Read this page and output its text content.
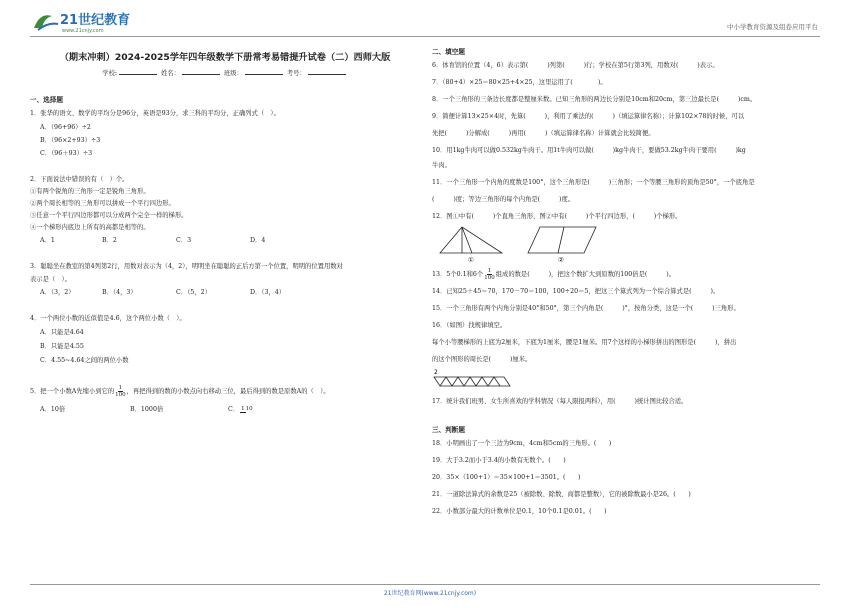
21世纪教育
www.21cnjy.com	中小学教育资源及组卷应用平台
（期末冲刺）2024-2025学年四年级数学下册常考易错提升试卷（二）西师大版
学校:	姓名：	班级：	考号：
一、选择题
1．张华的语文、数学的平均分是96分，英语是93分，求三科的平均分，正确列式（　）。
A．（96+96）÷2
B．（96×2+93）÷3
C．（96＋93）÷3
2．下面说法中错误的有（　）个。
①有两个锐角的三角形一定是锐角三角形。
②两个周长相等的三角形可以拼成一个平行四边形。
③任意一个平行四边形都可以分成两个完全一样的梯形。
④一个梯形内底边上所有的高都是相等的。
A．1	B．2	C．3	D．4
3．聪聪坐在教室的第4列第2行，用数对表示为（4，2），明明坐在聪聪的正后方第一个位置，明明的位置用数对
表示是（　）。
A．（3，2）	B．（4，3）	C．（5，2）	D．（3，4）
4．一个两位小数的近似值是4.6，这个两位小数（　）。
A．只能是4.64
B．只能是4.55
C．4.55~4.64之间的两位小数
5．把一个小数A先缩小到它的 $\frac{1}{100}$ ，再把得到的数的小数点向右移动三位，最后得到的数是原数A的（　）。
A．10倍	B．1000倍	C． 110
二、填空题
6．体育馆的位置（4，6）表示第(　　　)列第(　　　)行；学校在第5行第3列，用数对(　　　)表示。
7．（80+4）×25＝80×25+4×25，这里运用了(　　　　)。
8．一个三角形的三条边长度都是整厘米数。已知三角形的两边长分别是10cm和20cm，第三边最长是(　　　)cm。
9．简便计算13×25×4时，先算(　　　)，利用了乘法的(　　　)（填运算律名称）；计算102×78的时候，可以
先把(　　　)分解成(　　　)再用(　　　)（填运算律名称）计算就会比较简便。
10．用1kg牛肉可以做0.532kg牛肉干。用1t牛肉可以做(　　　)kg牛肉干，要做53.2kg牛肉干要用(　　　)kg
牛肉。
11．一个三角形一个内角的度数是100°，这个三角形是(　　　)三角形；一个等腰三角形的顶角是50°，一个底角是
(　　　)度；等边三角形的每个内角是(　　　)度。
12．图①中有(　　　)个直角三角形，图②中有(　　　)个平行四边形，(　　　)个梯形。
①	②
13．5个0.1和6个 $\frac{1}{100}$ 组成的数是(　　　)，把这个数扩大到原数的100倍是(　　　)。
14．已知25＋45＝70，170－70＝100，100÷20＝5，把这三个算式列为一个综合算式是(　　　)。
15．一个三角形有两个内角分别是40°和50°，第三个内角是(　　　)°，按角分类，这是一个(　　　)三角形。
16．（如图）找规律填空。
每个小等腰梯形的上底为2厘米，下底为1厘米，腰是1厘米。用7个这样的小梯形拼出的图形是(　　　)，拼出
的这个图形的周长是(　　　)厘米。
2
17．统计我们班男、女生所喜欢的学科情况（每人限报两科），用(　　　)统计图比较合适。
三、判断题
18．小明画出了一个三边为9cm，4cm和5cm的三角形。(　　)
19．大于3.2而小于3.4的小数有无数个。(　　)
20．35×（100+1）＝35×100+1＝3501。(　　)
21．一道除法算式的余数是25（被除数、除数、商都是整数），它的被除数最小是26。(　　)
22．小数部分最大的计数单位是0.1，10个0.1是0.01。(　　)
21世纪教育网(www.21cnjy.com)
